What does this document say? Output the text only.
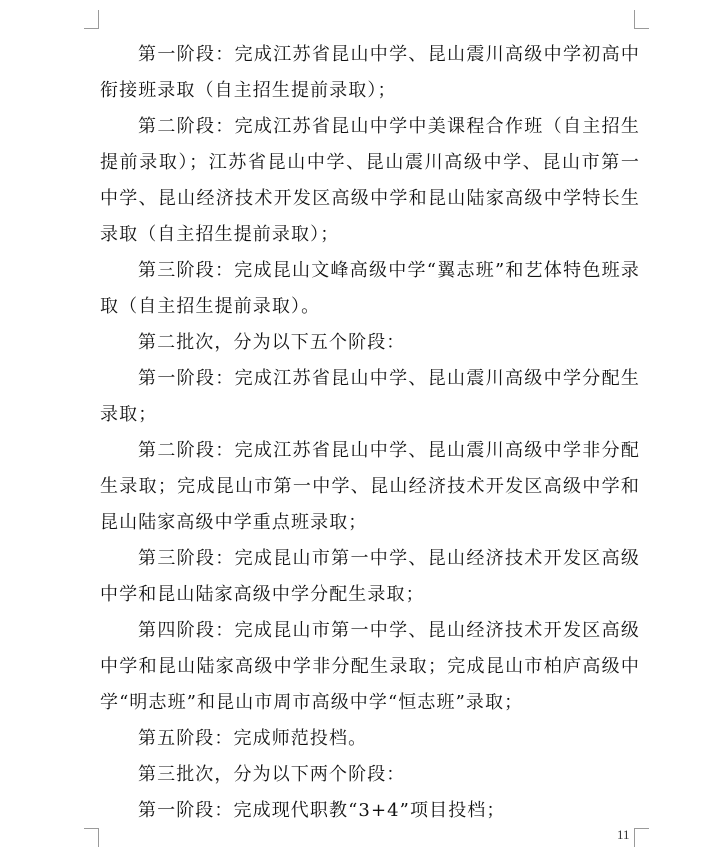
第一阶段：完成江苏省昆山中学、昆山震川高级中学初高中衔接班录取（自主招生提前录取）；

第二阶段：完成江苏省昆山中学中美课程合作班（自主招生提前录取）；江苏省昆山中学、昆山震川高级中学、昆山市第一中学、昆山经济技术开发区高级中学和昆山陆家高级中学特长生录取（自主招生提前录取）；

第三阶段：完成昆山文峰高级中学“翼志班”和艺体特色班录取（自主招生提前录取）。

第二批次，分为以下五个阶段：

第一阶段：完成江苏省昆山中学、昆山震川高级中学分配生录取；

第二阶段：完成江苏省昆山中学、昆山震川高级中学非分配生录取；完成昆山市第一中学、昆山经济技术开发区高级中学和昆山陆家高级中学重点班录取；

第三阶段：完成昆山市第一中学、昆山经济技术开发区高级中学和昆山陆家高级中学分配生录取；

第四阶段：完成昆山市第一中学、昆山经济技术开发区高级中学和昆山陆家高级中学非分配生录取；完成昆山市柏庐高级中学“明志班”和昆山市周市高级中学“恒志班”录取；

第五阶段：完成师范投档。

第三批次，分为以下两个阶段：

第一阶段：完成现代职教“3+4”项目投档；

11
